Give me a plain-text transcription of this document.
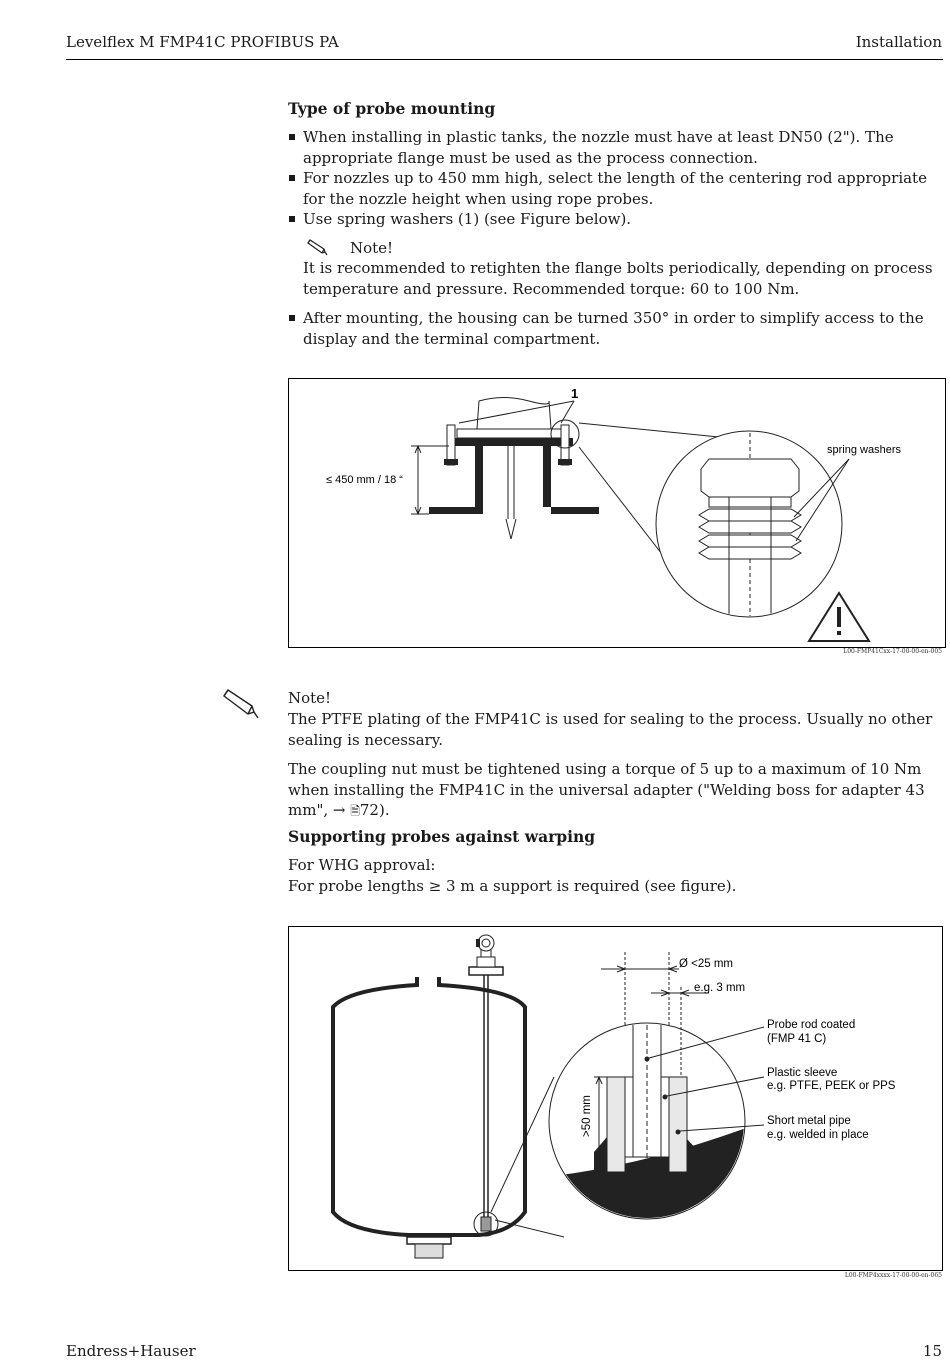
Levelflex M FMP41C PROFIBUS PA	Installation
Type of probe mounting
When installing in plastic tanks, the nozzle must have at least DN50 (2"). The appropriate flange must be used as the process connection.
For nozzles up to 450 mm high, select the length of the centering rod appropriate for the nozzle height when using rope probes.
Use spring washers (1) (see Figure below).
Note!
It is recommended to retighten the flange bolts periodically, depending on process temperature and pressure. Recommended torque: 60 to 100 Nm.
After mounting, the housing can be turned 350° in order to simplify access to the display and the terminal compartment.
≤ 450 mm / 18 “
1
spring washers
L00-FMP41Cxx-17-00-00-en-005
Note!
The PTFE plating of the FMP41C is used for sealing to the process. Usually no other sealing is necessary.
The coupling nut must be tightened using a torque of 5 up to a maximum of 10 Nm when installing the FMP41C in the universal adapter ("Welding boss for adapter 43 mm", → 🗎72).
Supporting probes against warping
For WHG approval:
For probe lengths ≥ 3 m a support is required (see figure).
Ø <25 mm
e.g. 3 mm
>50 mm
Probe rod coated
(FMP 41 C)
Plastic sleeve
e.g. PTFE, PEEK or PPS
Short metal pipe
e.g. welded in place
L00-FMP4xxxx-17-00-00-en-065
Endress+Hauser	15
